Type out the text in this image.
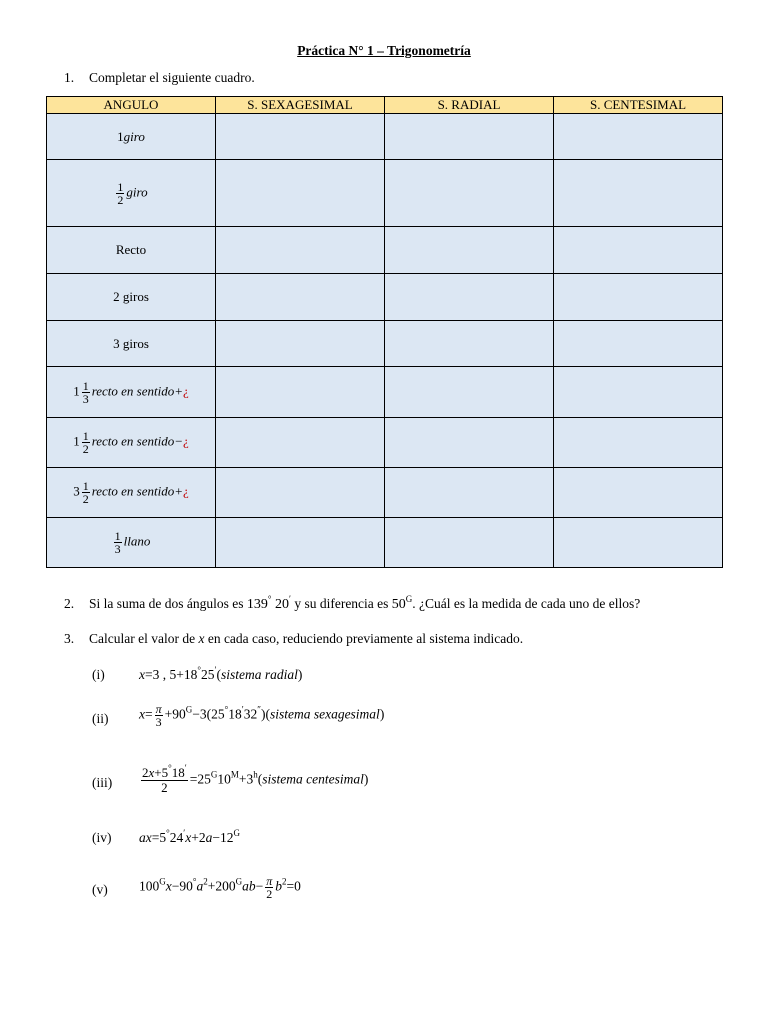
Práctica N° 1 – Trigonometría
1. Completar el siguiente cuadro.
ANGULO	S. SEXAGESIMAL	S. RADIAL	S. CENTESIMAL
1giro			

$\frac{1}{2}$ giro			
Recto			
2 giros			
3 giros			
$1 \frac{1}{3}$ recto en sentido+¿			
$1 \frac{1}{2}$ recto en sentido−¿			
$3 \frac{1}{2}$ recto en sentido+¿			

$\frac{1}{3}$ llano			
2. Si la suma de dos ángulos es 139° 20′ y su diferencia es $50^G$. ¿Cuál es la medida de cada uno de ellos?
3. Calcular el valor de x en cada caso, reduciendo previamente al sistema indicado.
(i)	x=3 , 5+18°25′(sistema radial)
(ii) $x= \frac{\pi}{3}$ $+90^G-3(25^\circ 18'32'')(sistema$ sexagesimal)
$(iii) \frac{2x+5^\circ 18'}{2}$ $=25^G10^M+3^h(sistema$ centesimal)
(iv) $ax=5^\circ 24'x+2a-12^G$
(v) $100^Gx-90^\circ a^2+200^Gab- \frac{\pi}{2} b^2=0$
